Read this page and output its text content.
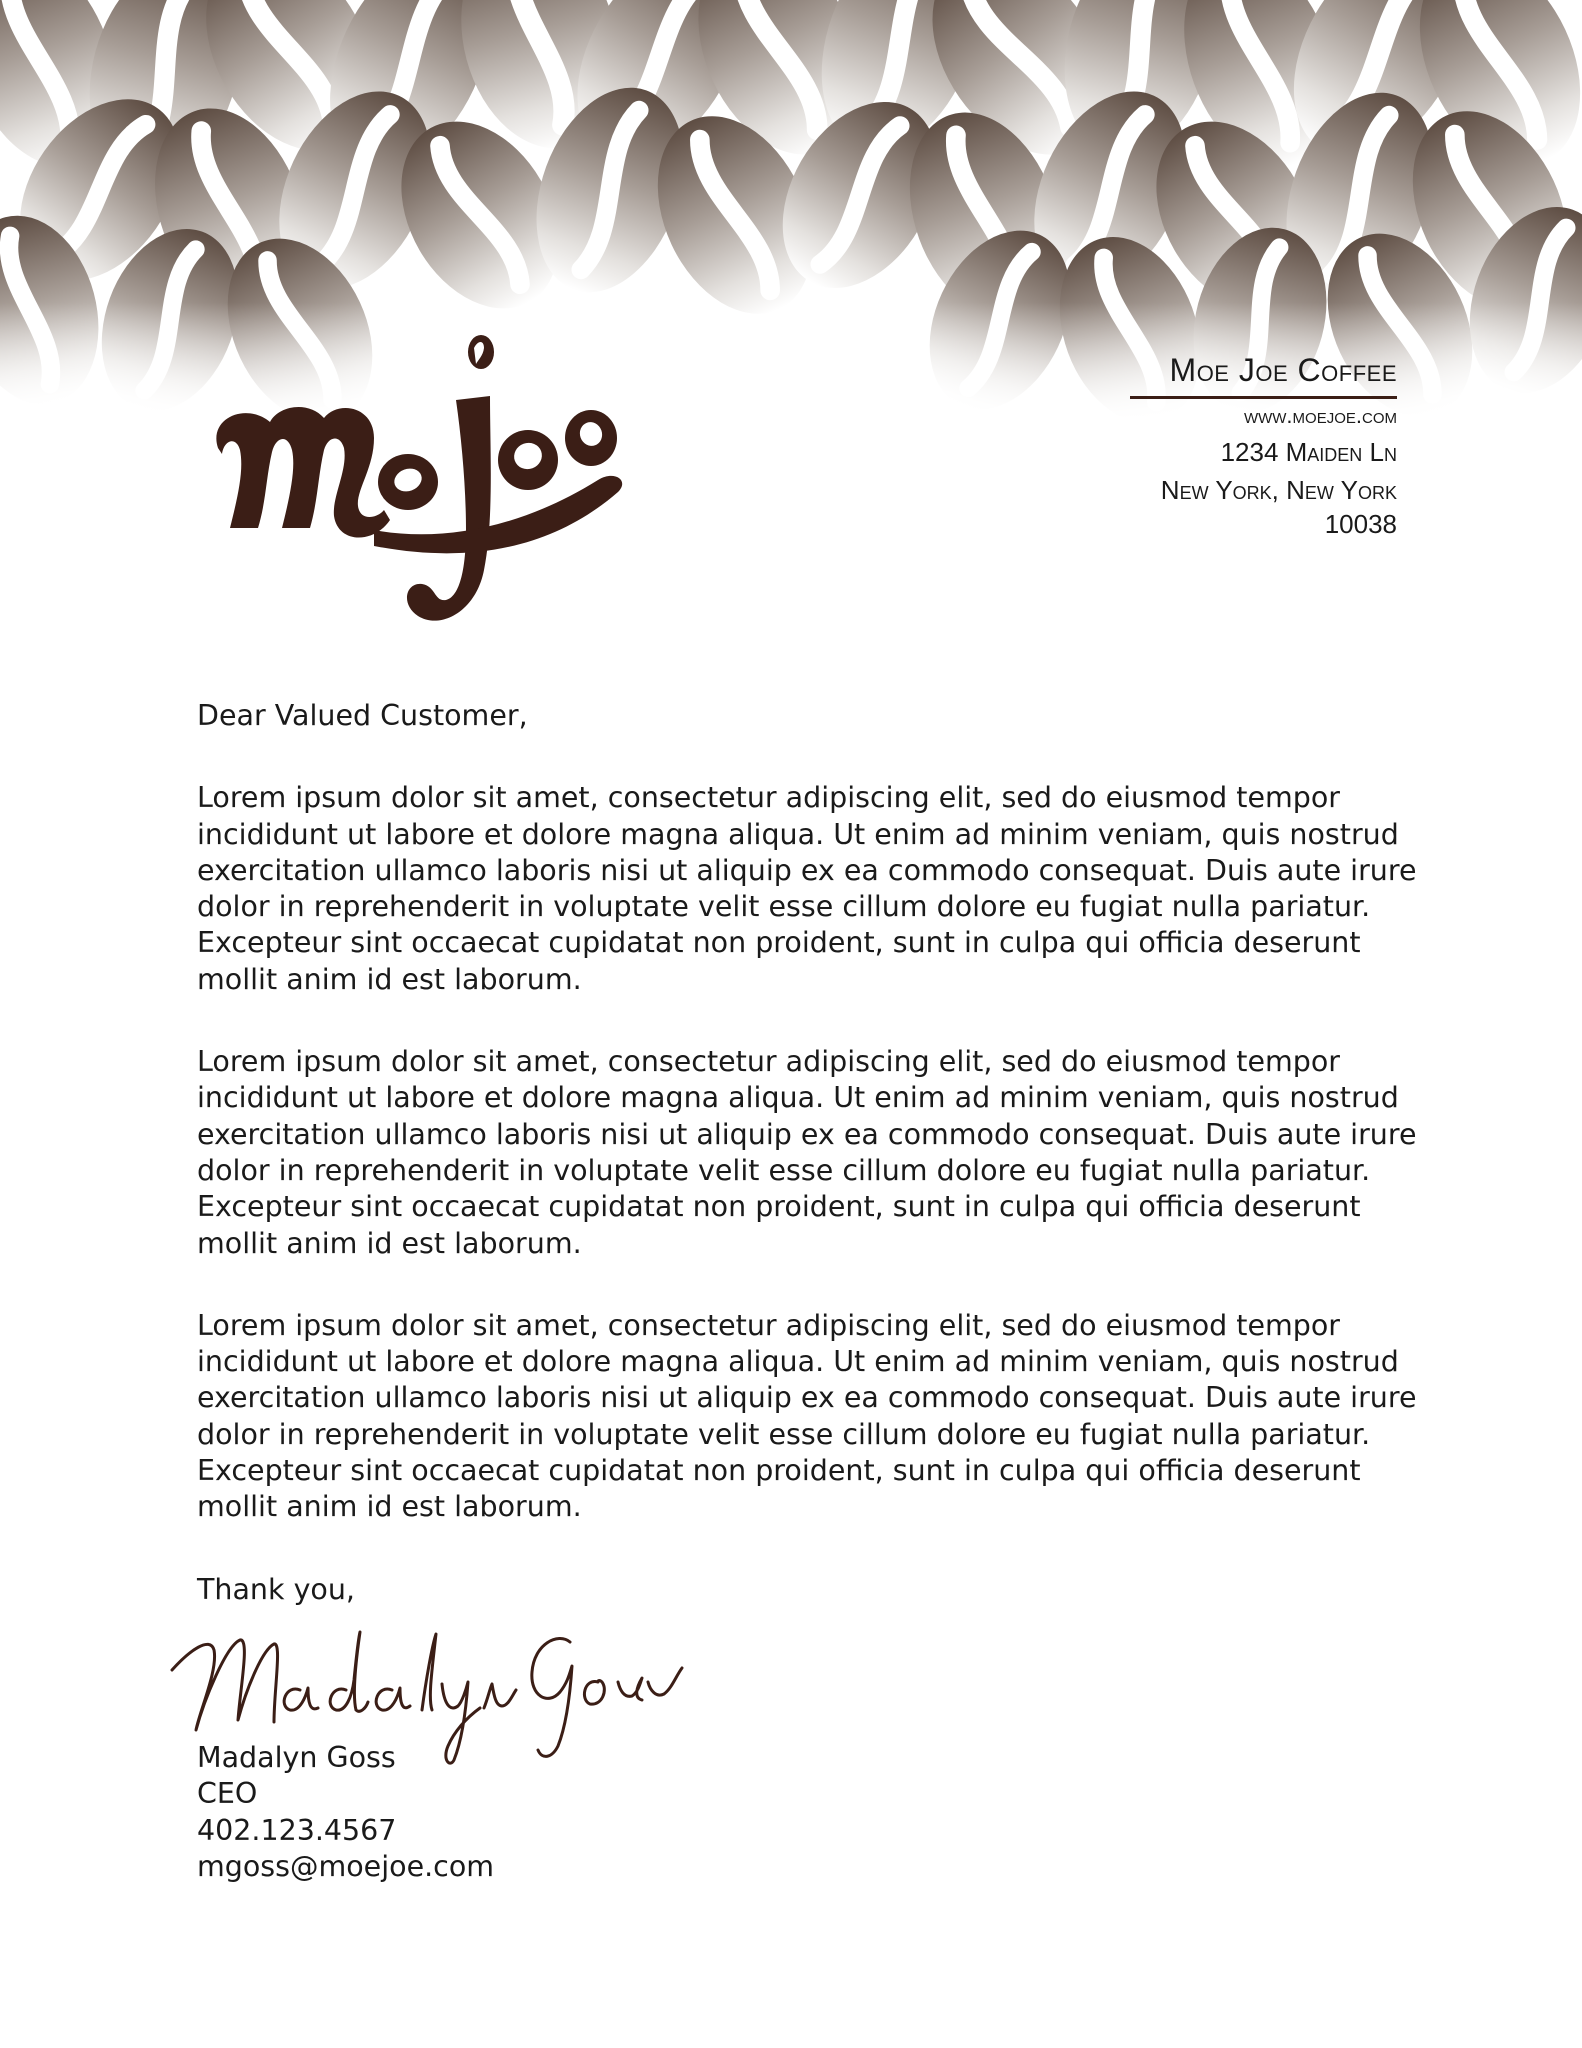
Moe Joe Coffee
www.moejoe.com
1234 Maiden Ln
New York, New York
10038

Dear Valued Customer,

Lorem ipsum dolor sit amet, consectetur adipiscing elit, sed do eiusmod tempor incididunt ut labore et dolore magna aliqua. Ut enim ad minim veniam, quis nostrud exercitation ullamco laboris nisi ut aliquip ex ea commodo consequat. Duis aute irure dolor in reprehenderit in voluptate velit esse cillum dolore eu fugiat nulla pariatur. Excepteur sint occaecat cupidatat non proident, sunt in culpa qui officia deserunt mollit anim id est laborum.

Lorem ipsum dolor sit amet, consectetur adipiscing elit, sed do eiusmod tempor incididunt ut labore et dolore magna aliqua. Ut enim ad minim veniam, quis nostrud exercitation ullamco laboris nisi ut aliquip ex ea commodo consequat. Duis aute irure dolor in reprehenderit in voluptate velit esse cillum dolore eu fugiat nulla pariatur. Excepteur sint occaecat cupidatat non proident, sunt in culpa qui officia deserunt mollit anim id est laborum.

Lorem ipsum dolor sit amet, consectetur adipiscing elit, sed do eiusmod tempor incididunt ut labore et dolore magna aliqua. Ut enim ad minim veniam, quis nostrud exercitation ullamco laboris nisi ut aliquip ex ea commodo consequat. Duis aute irure dolor in reprehenderit in voluptate velit esse cillum dolore eu fugiat nulla pariatur. Excepteur sint occaecat cupidatat non proident, sunt in culpa qui officia deserunt mollit anim id est laborum.

Thank you,

Madalyn Goss
CEO
402.123.4567
mgoss@moejoe.com
